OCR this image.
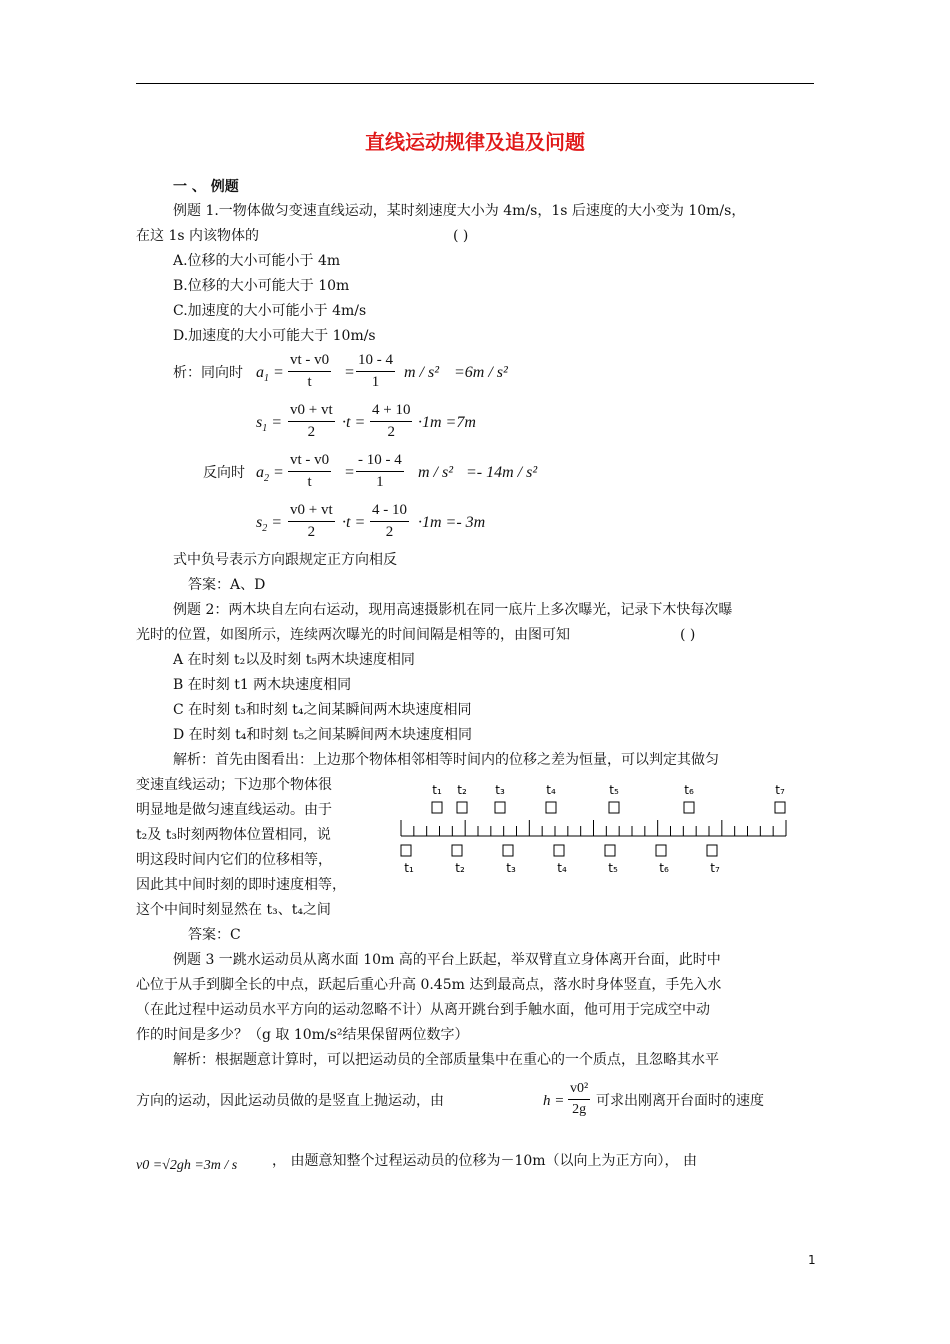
直线运动规律及追及问题
一 、 例题
例题 1.一物体做匀变速直线运动，某时刻速度大小为 4m/s，1s 后速度的大小变为 10m/s，
在这 1s 内该物体的	( )
A.位移的大小可能小于 4m
B.位移的大小可能大于 10m
C.加速度的大小可能小于 4m/s
D.加速度的大小可能大于 10m/s
析：同向时 $a_1 = \frac{vt - v0}{t} = \frac{10 - 4}{1}$ m / s² =6m / s²
$s_1 = \frac{v0 + vt}{2} \cdot t = \frac{4 + 10}{2} \cdot 1m =7m$
反向时 $a_2 = \frac{vt - v0}{t} = \frac{- 10 - 4}{1}$ m / s² =- 14m / s²
$s_2 = \frac{v0 + vt}{2} \cdot t = \frac{4 - 10}{2} \cdot 1m =- 3m$
式中负号表示方向跟规定正方向相反
答案：A、D
例题 2：两木块自左向右运动，现用高速摄影机在同一底片上多次曝光，记录下木快每次曝
光时的位置，如图所示，连续两次曝光的时间间隔是相等的，由图可知	( )
A 在时刻 t₂以及时刻 t₅两木块速度相同
B 在时刻 t1 两木块速度相同
C 在时刻 t₃和时刻 t₄之间某瞬间两木块速度相同
D 在时刻 t₄和时刻 t₅之间某瞬间两木块速度相同
解析：首先由图看出：上边那个物体相邻相等时间内的位移之差为恒量，可以判定其做匀
变速直线运动；下边那个物体很
明显地是做匀速直线运动。由于
t₂及 t₃时刻两物体位置相同，说
明这段时间内它们的位移相等，
因此其中间时刻的即时速度相等，
这个中间时刻显然在 t₃、t₄之间
t₁ t₂ t₃	t₄	t₅	t₆	t₇
t₁	t₂	t₃	t₄	t₅	t₆	t₇
答案：C
例题 3 一跳水运动员从离水面 10m 高的平台上跃起，举双臂直立身体离开台面，此时中
心位于从手到脚全长的中点，跃起后重心升高 0.45m 达到最高点，落水时身体竖直，手先入水
（在此过程中运动员水平方向的运动忽略不计）从离开跳台到手触水面，他可用于完成空中动
作的时间是多少？（g 取 10m/s²结果保留两位数字）
解析：根据题意计算时，可以把运动员的全部质量集中在重心的一个质点，且忽略其水平
方向的运动，因此运动员做的是竖直上抛运动，由	$h = \frac{\text{v0²}}{2g}$ 可求出刚离开台面时的速度
v0 =√2gh =3m / s ， 由题意知整个过程运动员的位移为－10m（以向上为正方向）， 由
1
